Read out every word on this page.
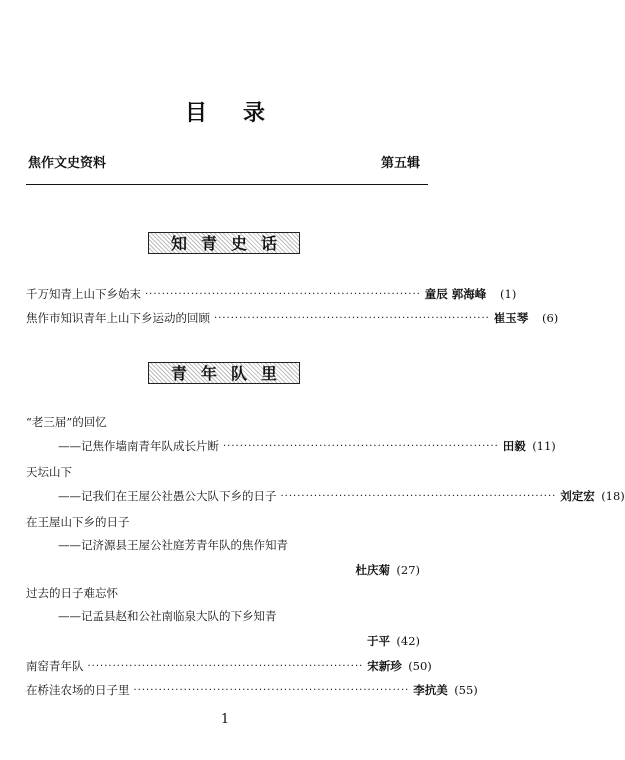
目录
焦作文史资料	第五辑
知青史话
千万知青上山下乡始末 ·································································· 童辰 郭海峰	(1)
焦作市知识青年上山下乡运动的回顾 ·································································· 崔玉琴	(6)
青年队里
“老三届”的回忆
——记焦作墙南青年队成长片断 ·································································· 田毅 (11)
天坛山下
——记我们在王屋公社愚公大队下乡的日子 ·································································· 刘定宏 (18)
在王屋山下乡的日子
——记济源县王屋公社庭芳青年队的焦作知青
杜庆菊 (27)
过去的日子难忘怀
——记孟县赵和公社南临泉大队的下乡知青
于平 (42)
南窑青年队 ·································································· 宋新珍 (50)
在桥洼农场的日子里 ·································································· 李抗美 (55)
1
